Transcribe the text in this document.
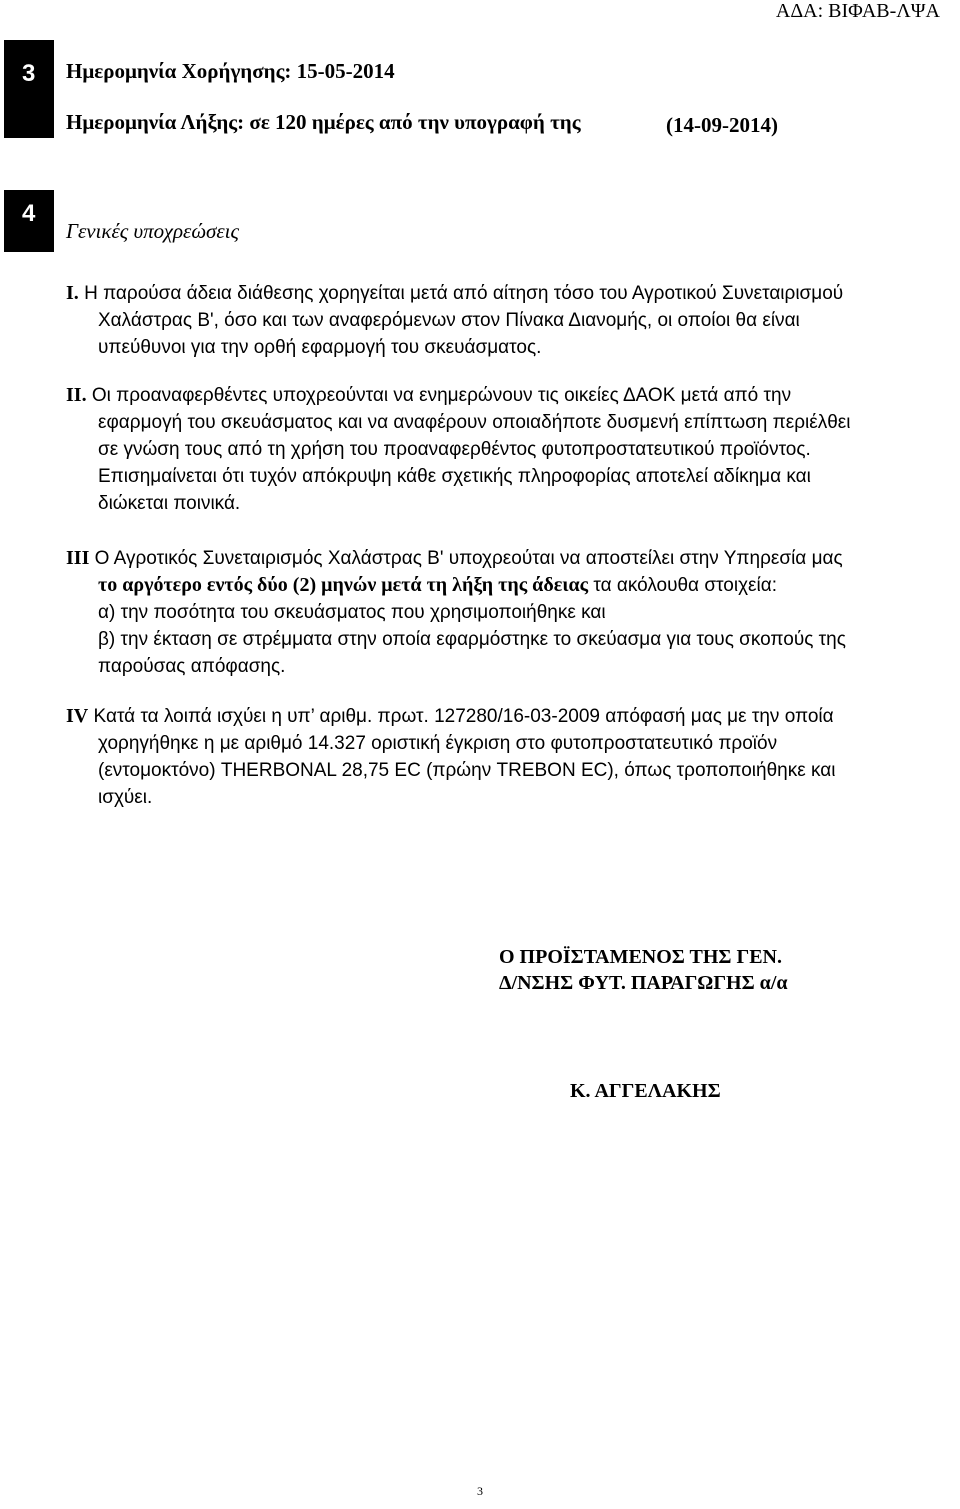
ΑΔΑ: ΒΙΦΑΒ-ΛΨΑ
3	Ημερομηνία Χορήγησης: 15-05-2014
Ημερομηνία Λήξης: σε 120 ημέρες από την υπογραφή της	(14-09-2014)
4
Γενικές υποχρεώσεις
Ι. Η παρούσα άδεια διάθεσης χορηγείται μετά από αίτηση τόσο του Αγροτικού Συνεταιρισμού
Χαλάστρας Β', όσο και των αναφερόμενων στον Πίνακα Διανομής, οι οποίοι θα είναι
υπεύθυνοι για την ορθή εφαρμογή του σκευάσματος.
ΙΙ. Οι προαναφερθέντες υποχρεούνται να ενημερώνουν τις οικείες ΔΑΟΚ μετά από την
εφαρμογή του σκευάσματος και να αναφέρουν οποιαδήποτε δυσμενή επίπτωση περιέλθει
σε γνώση τους από τη χρήση του προαναφερθέντος φυτοπροστατευτικού προϊόντος.
Επισημαίνεται ότι τυχόν απόκρυψη κάθε σχετικής πληροφορίας αποτελεί αδίκημα και
διώκεται ποινικά.
ΙΙΙ Ο Αγροτικός Συνεταιρισμός Χαλάστρας Β' υποχρεούται να αποστείλει στην Υπηρεσία μας
το αργότερο εντός δύο (2) μηνών μετά τη λήξη της άδειας τα ακόλουθα στοιχεία:
α) την ποσότητα του σκευάσματος που χρησιμοποιήθηκε και
β) την έκταση σε στρέμματα στην οποία εφαρμόστηκε το σκεύασμα για τους σκοπούς της
παρούσας απόφασης.
IV Κατά τα λοιπά ισχύει η υπ’ αριθμ. πρωτ. 127280/16-03-2009 απόφασή μας με την οποία
χορηγήθηκε η με αριθμό 14.327 οριστική έγκριση στο φυτοπροστατευτικό προϊόν
(εντομοκτόνο) THERBONAL 28,75 EC (πρώην TREBON EC), όπως τροποποιήθηκε και
ισχύει.
Ο ΠΡΟΪΣΤΑΜΕΝΟΣ ΤΗΣ ΓΕΝ.
Δ/ΝΣΗΣ ΦΥΤ. ΠΑΡΑΓΩΓΗΣ α/α
Κ. ΑΓΓΕΛΑΚΗΣ
3
